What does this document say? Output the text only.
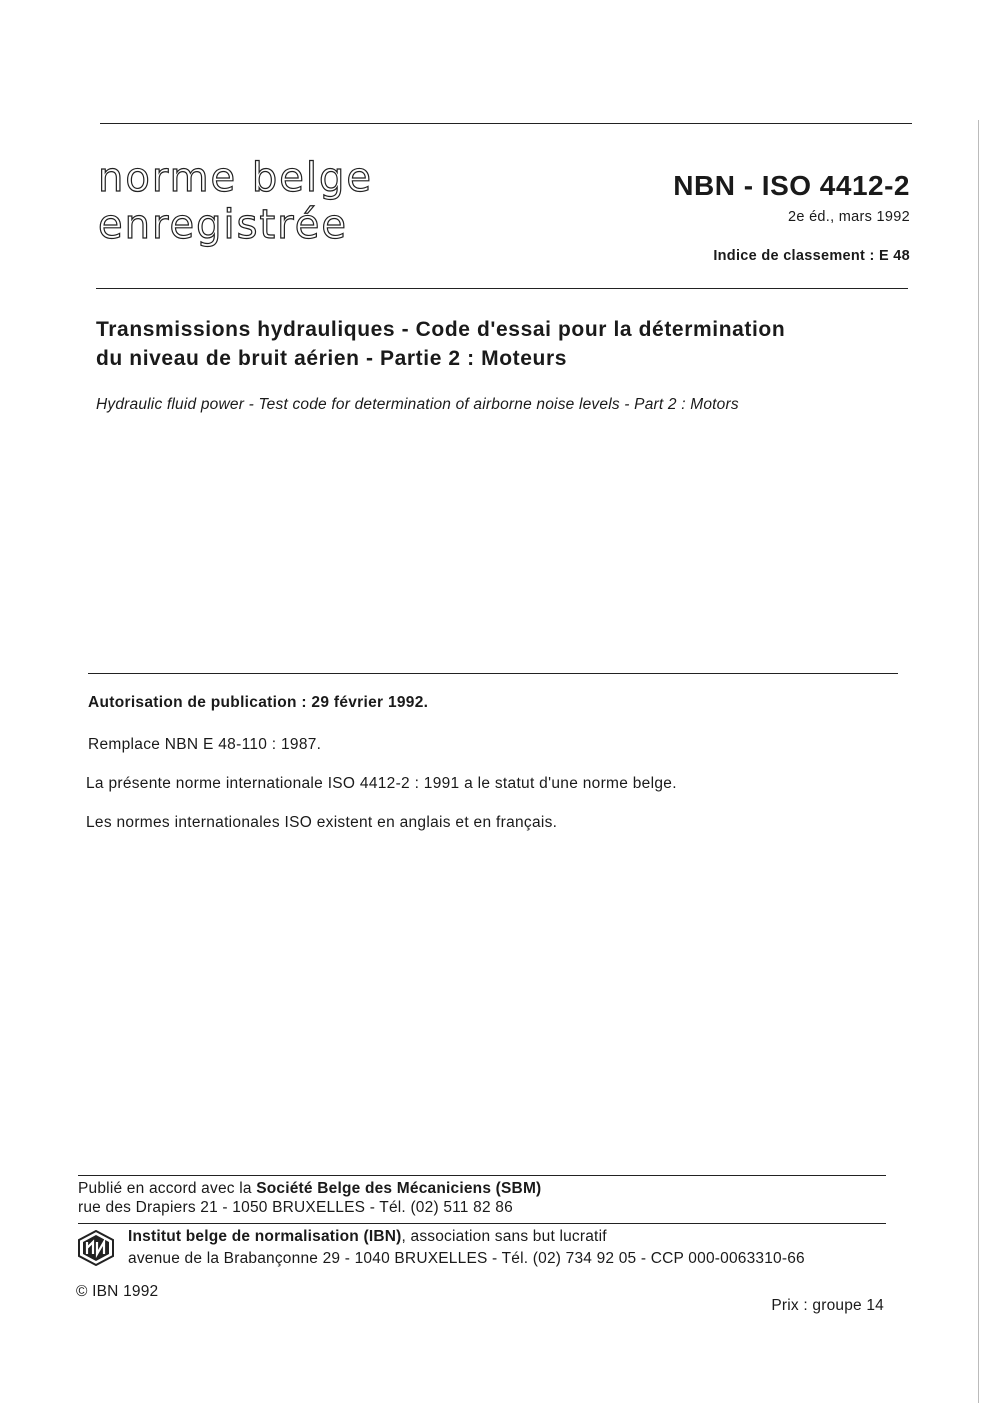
norme belge
enregistrée
NBN - ISO 4412-2
2e éd., mars 1992
Indice de classement : E 48
Transmissions hydrauliques - Code d'essai pour la détermination
du niveau de bruit aérien - Partie 2 : Moteurs
Hydraulic fluid power - Test code for determination of airborne noise levels - Part 2 : Motors
Autorisation de publication : 29 février 1992.
Remplace NBN E 48-110 : 1987.
La présente norme internationale ISO 4412-2 : 1991 a le statut d'une norme belge.
Les normes internationales ISO existent en anglais et en français.
Publié en accord avec la Société Belge des Mécaniciens (SBM)
rue des Drapiers 21 - 1050 BRUXELLES - Tél. (02) 511 82 86
Institut belge de normalisation (IBN), association sans but lucratif
avenue de la Brabançonne 29 - 1040 BRUXELLES - Tél. (02) 734 92 05 - CCP 000-0063310-66
© IBN 1992
Prix : groupe 14
